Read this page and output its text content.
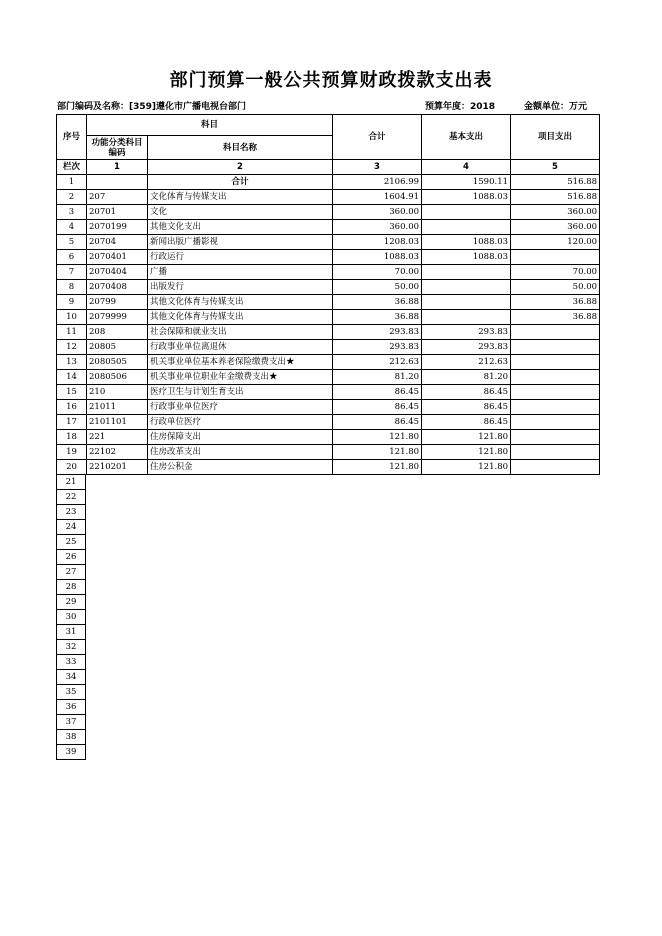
部门预算一般公共预算财政拨款支出表
部门编码及名称：[359]遵化市广播电视台部门	预算年度：2018	金额单位：万元
序号	科目		合计	基本支出	项目支出
	功能分类科目编码	科目名称			
栏次	1	2	3	4	5
1		合计	2106.99	1590.11	516.88
2	207	文化体育与传媒支出	1604.91	1088.03	516.88
3	20701	文化	360.00		360.00
4	2070199	其他文化支出	360.00		360.00
5	20704	新闻出版广播影视	1208.03	1088.03	120.00
6	2070401	行政运行	1088.03	1088.03	
7	2070404	广播	70.00		70.00
8	2070408	出版发行	50.00		50.00
9	20799	其他文化体育与传媒支出	36.88		36.88
10	2079999	其他文化体育与传媒支出	36.88		36.88
11	208	社会保障和就业支出	293.83	293.83	
12	20805	行政事业单位离退休	293.83	293.83	
13	2080505	机关事业单位基本养老保险缴费支出★	212.63	212.63	
14	2080506	机关事业单位职业年金缴费支出★	81.20	81.20	
15	210	医疗卫生与计划生育支出	86.45	86.45	
16	21011	行政事业单位医疗	86.45	86.45	
17	2101101	行政单位医疗	86.45	86.45	
18	221	住房保障支出	121.80	121.80	
19	22102	住房改革支出	121.80	121.80	
20	2210201	住房公积金	121.80	121.80	
21
22
23
24
25
26
27
28
29
30
31
32
33
34
35
36
37
38
39
